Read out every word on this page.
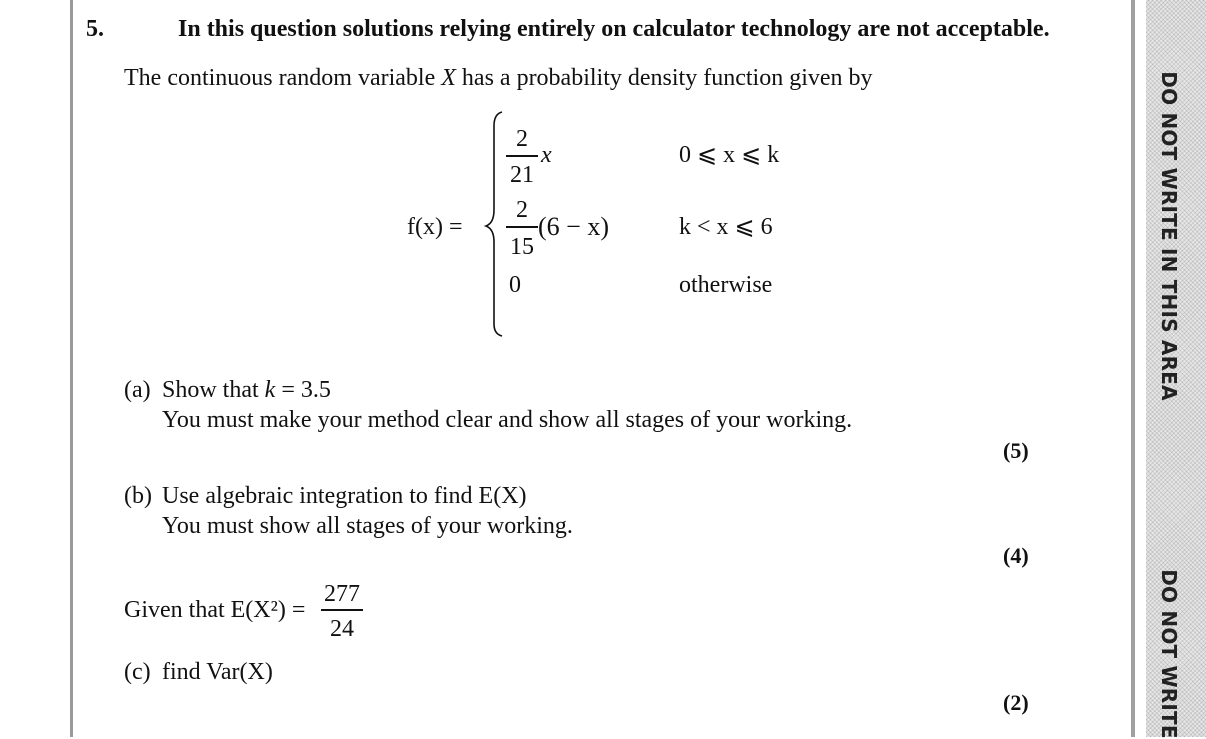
DO NOT WRITE IN THIS AREA
DO NOT WRITE
5.	In this question solutions relying entirely on calculator technology are not acceptable.
The continuous random variable X has a probability density function given by
f(x) =
2
21
x	0 ⩽ x ⩽ k
2
15
(6 − x)	k < x ⩽ 6
0	otherwise
(a) Show that k = 3.5
You must make your method clear and show all stages of your working.
(5)
(b) Use algebraic integration to find E(X)
You must show all stages of your working.
(4)
Given that E(X²) =
277
24
(c) find Var(X)
(2)
